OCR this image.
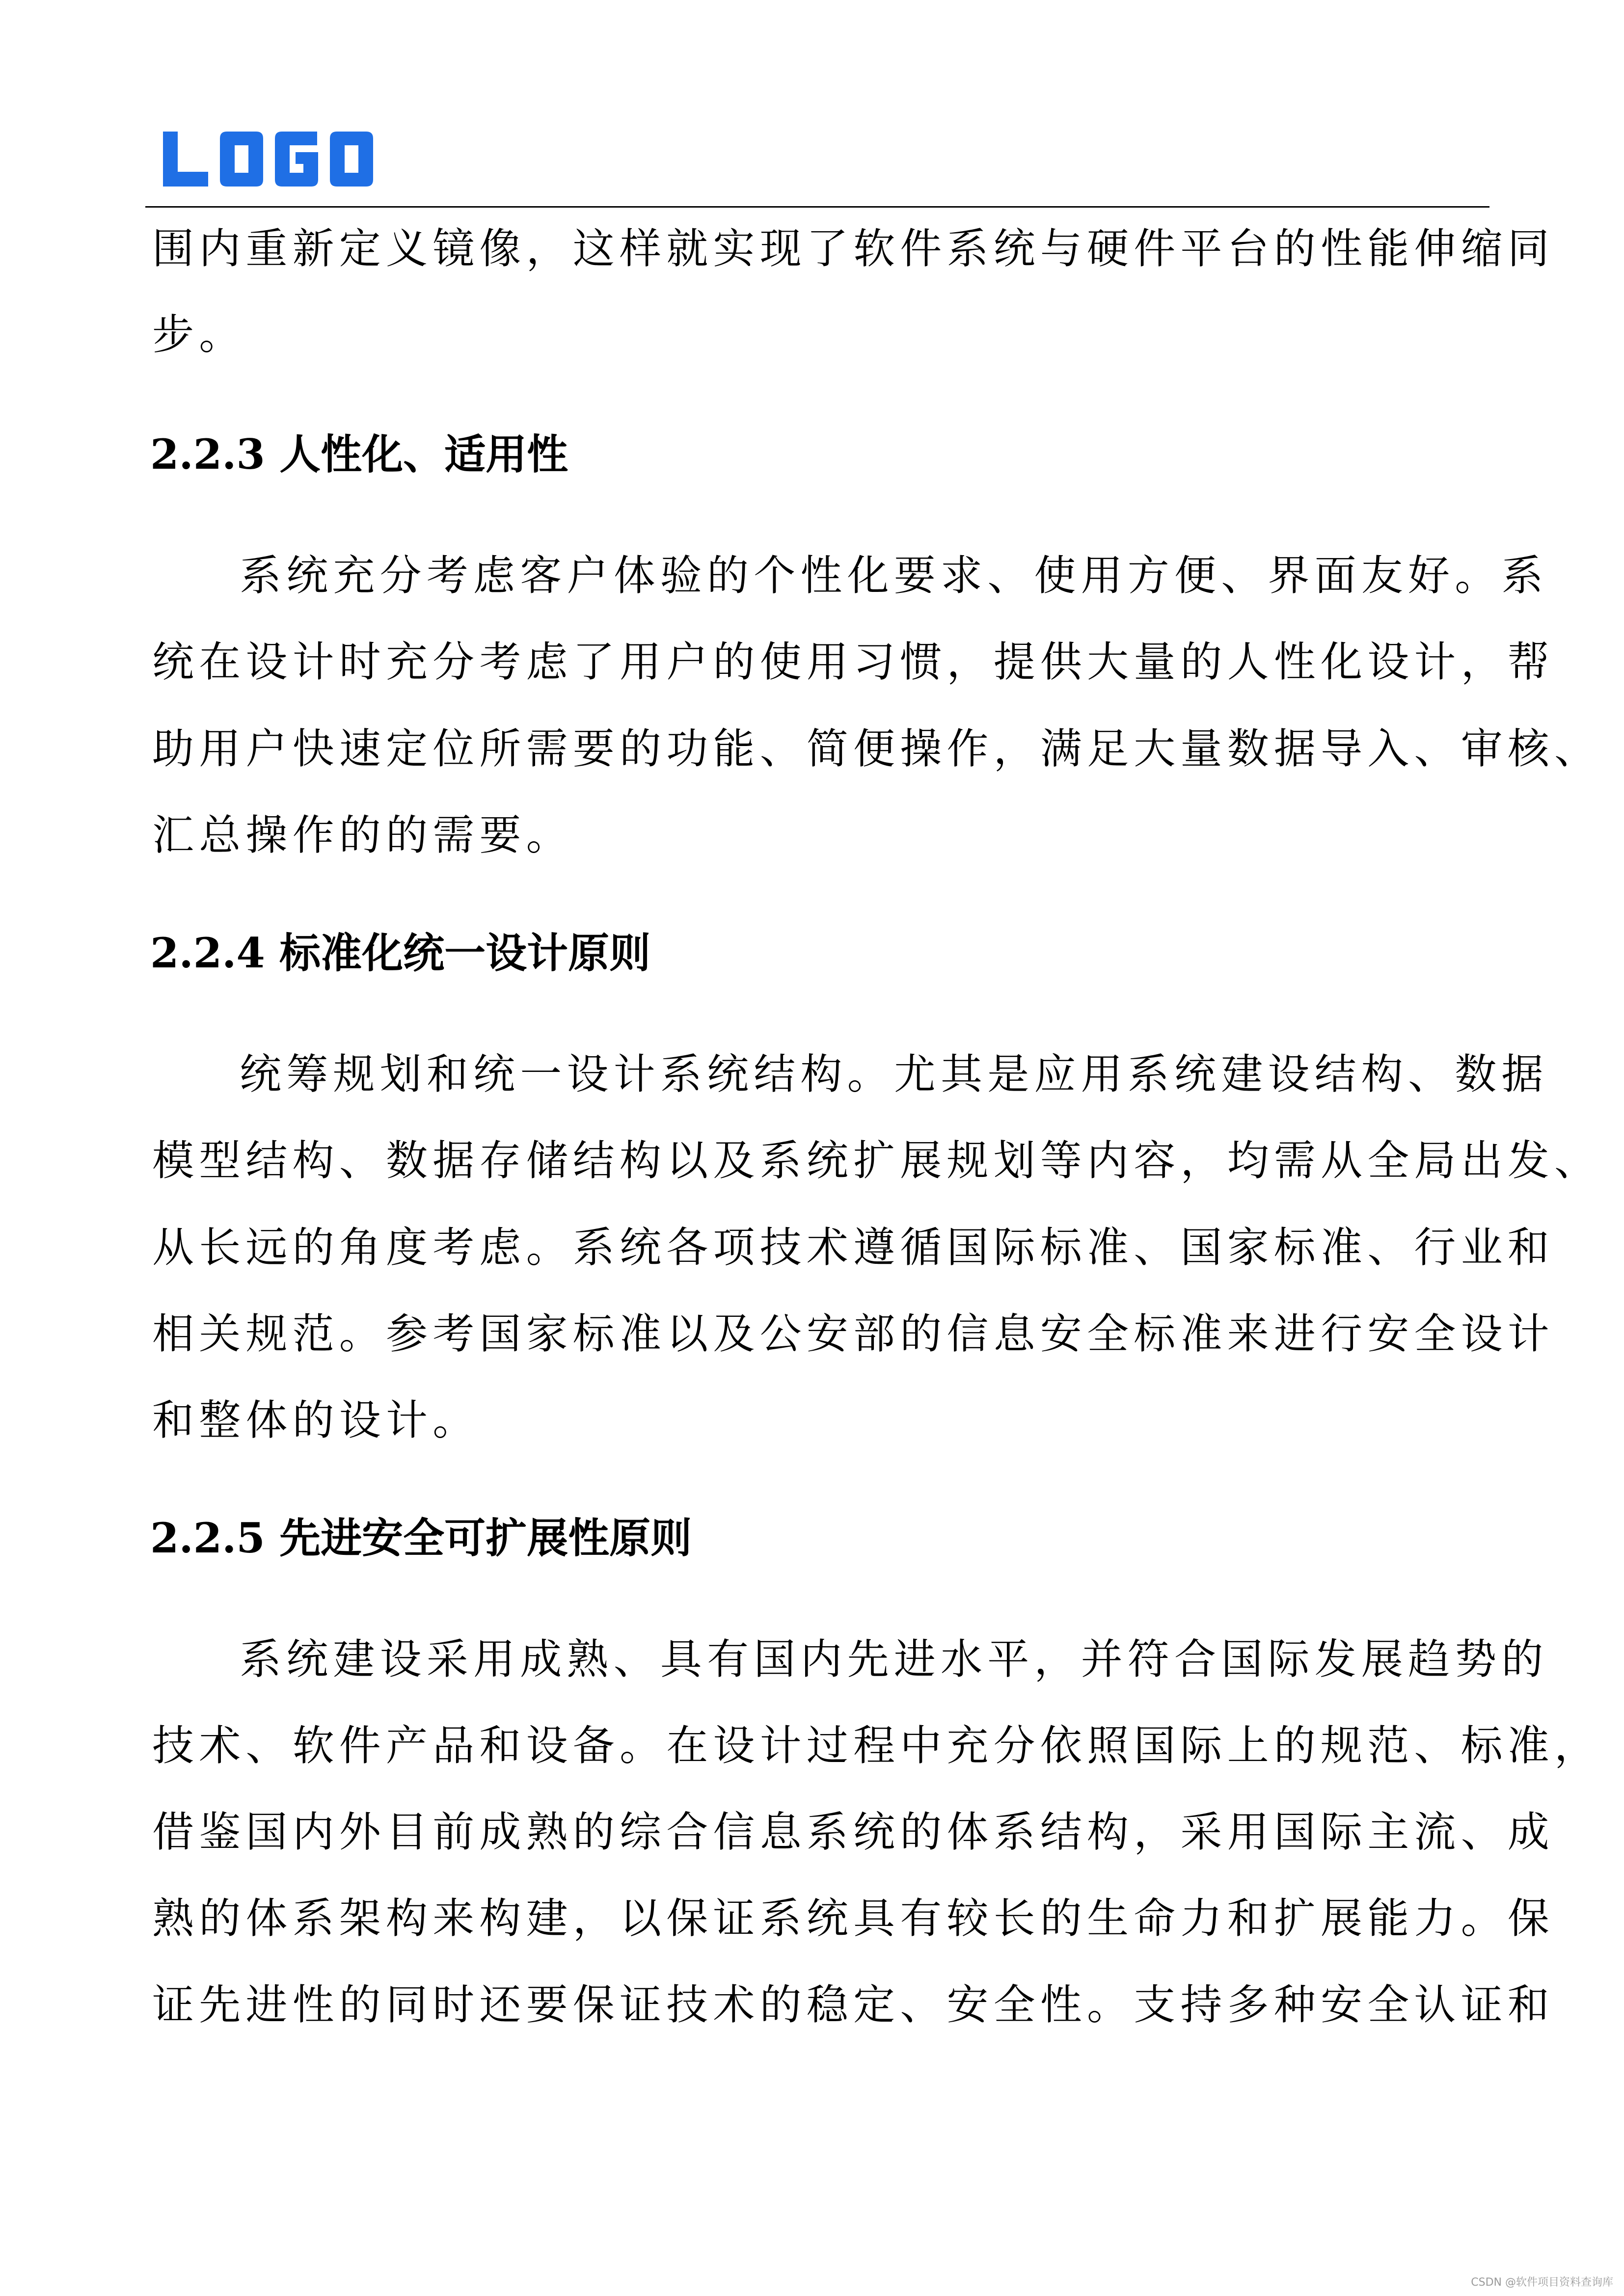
围内重新定义镜像，这样就实现了软件系统与硬件平台的性能伸缩同
步。
2.2.3 人性化、适用性
系统充分考虑客户体验的个性化要求、使用方便、界面友好。系
统在设计时充分考虑了用户的使用习惯，提供大量的人性化设计，帮
助用户快速定位所需要的功能、简便操作，满足大量数据导入、审核、
汇总操作的的需要。
2.2.4 标准化统一设计原则
统筹规划和统一设计系统结构。尤其是应用系统建设结构、数据
模型结构、数据存储结构以及系统扩展规划等内容，均需从全局出发、
从长远的角度考虑。系统各项技术遵循国际标准、国家标准、行业和
相关规范。参考国家标准以及公安部的信息安全标准来进行安全设计
和整体的设计。
2.2.5 先进安全可扩展性原则
系统建设采用成熟、具有国内先进水平，并符合国际发展趋势的
技术、软件产品和设备。在设计过程中充分依照国际上的规范、标准，
借鉴国内外目前成熟的综合信息系统的体系结构，采用国际主流、成
熟的体系架构来构建，以保证系统具有较长的生命力和扩展能力。保
证先进性的同时还要保证技术的稳定、安全性。支持多种安全认证和
CSDN @软件项目资料查询库
